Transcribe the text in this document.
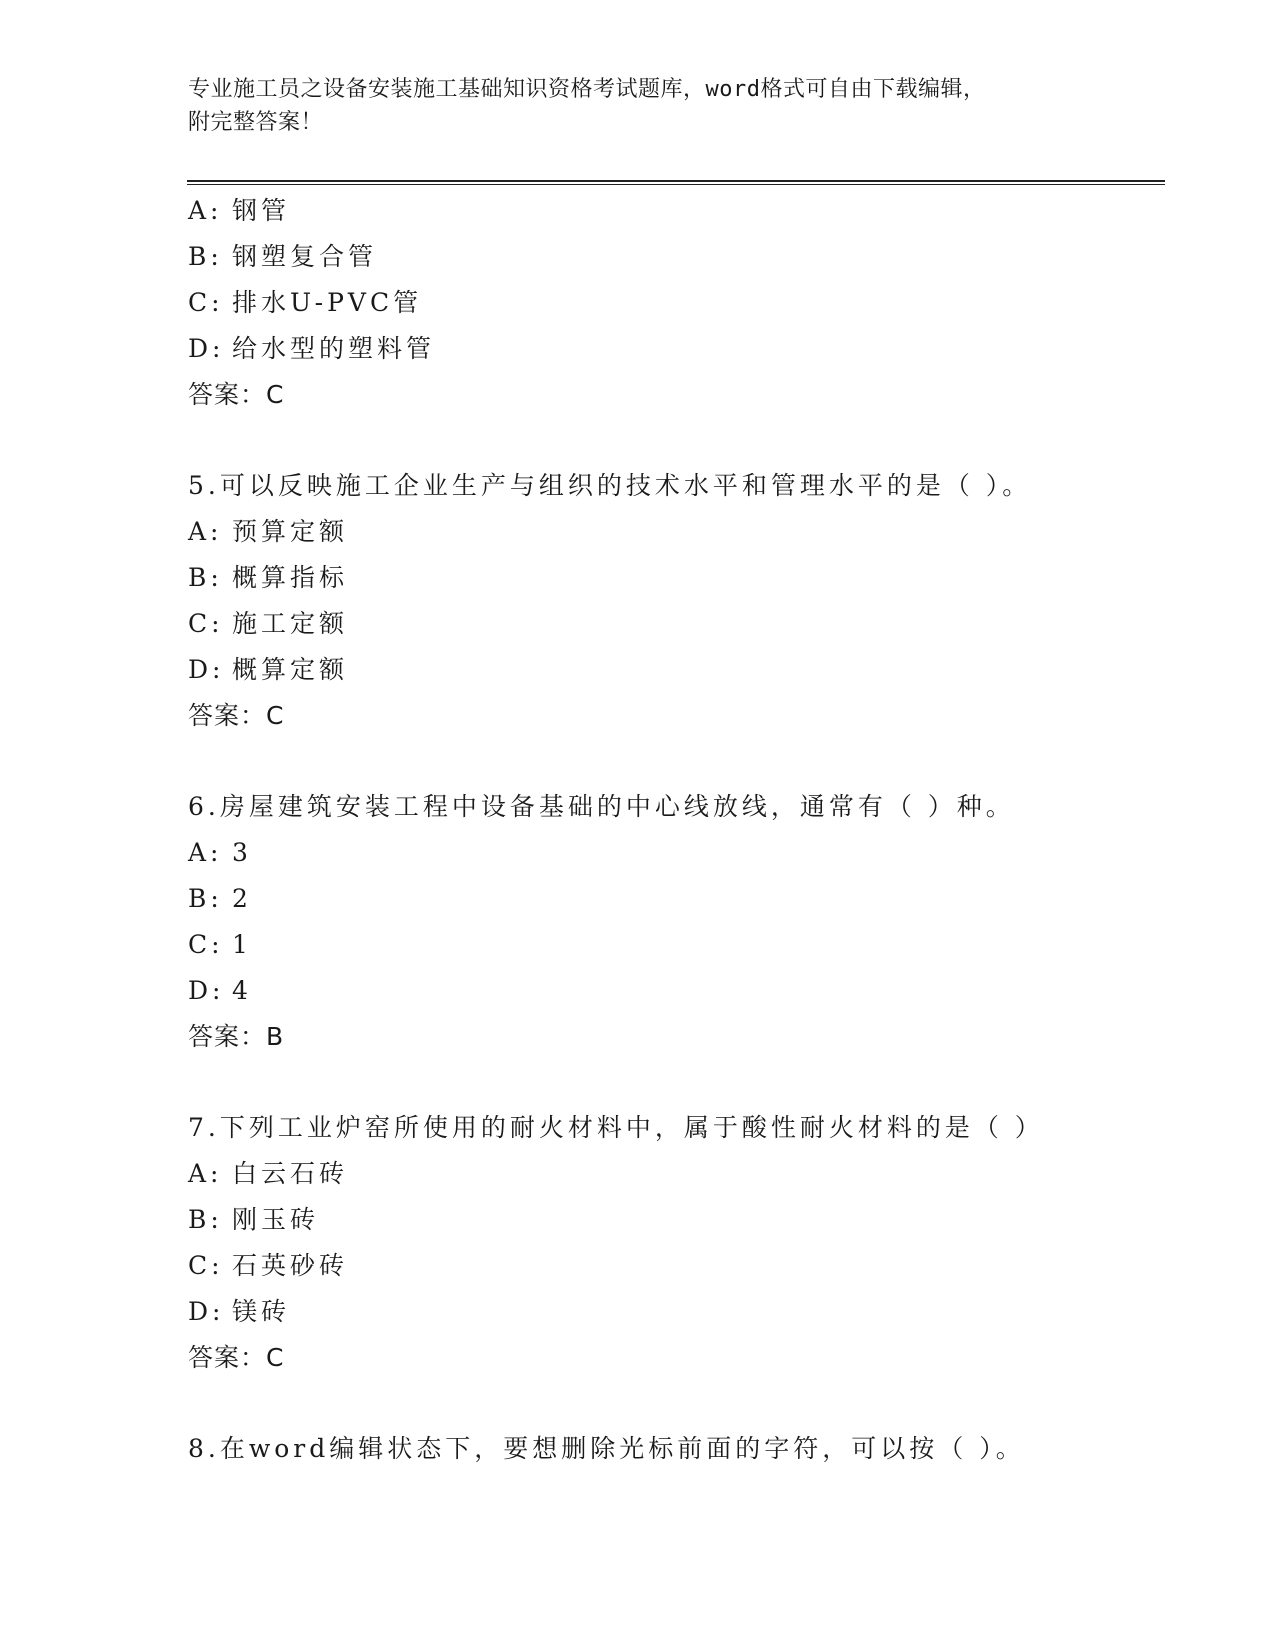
专业施工员之设备安装施工基础知识资格考试题库，word格式可自由下载编辑，
附完整答案！
A: 钢管
B: 钢塑复合管
C: 排水U-PVC管
D: 给水型的塑料管
答案：C
5.可以反映施工企业生产与组织的技术水平和管理水平的是（ ）。
A: 预算定额
B: 概算指标
C: 施工定额
D: 概算定额
答案：C
6.房屋建筑安装工程中设备基础的中心线放线，通常有（ ）种。
A: 3
B: 2
C: 1
D: 4
答案：B
7.下列工业炉窑所使用的耐火材料中，属于酸性耐火材料的是（ ）
A: 白云石砖
B: 刚玉砖
C: 石英砂砖
D: 镁砖
答案：C
8.在word编辑状态下，要想删除光标前面的字符，可以按（ ）。
